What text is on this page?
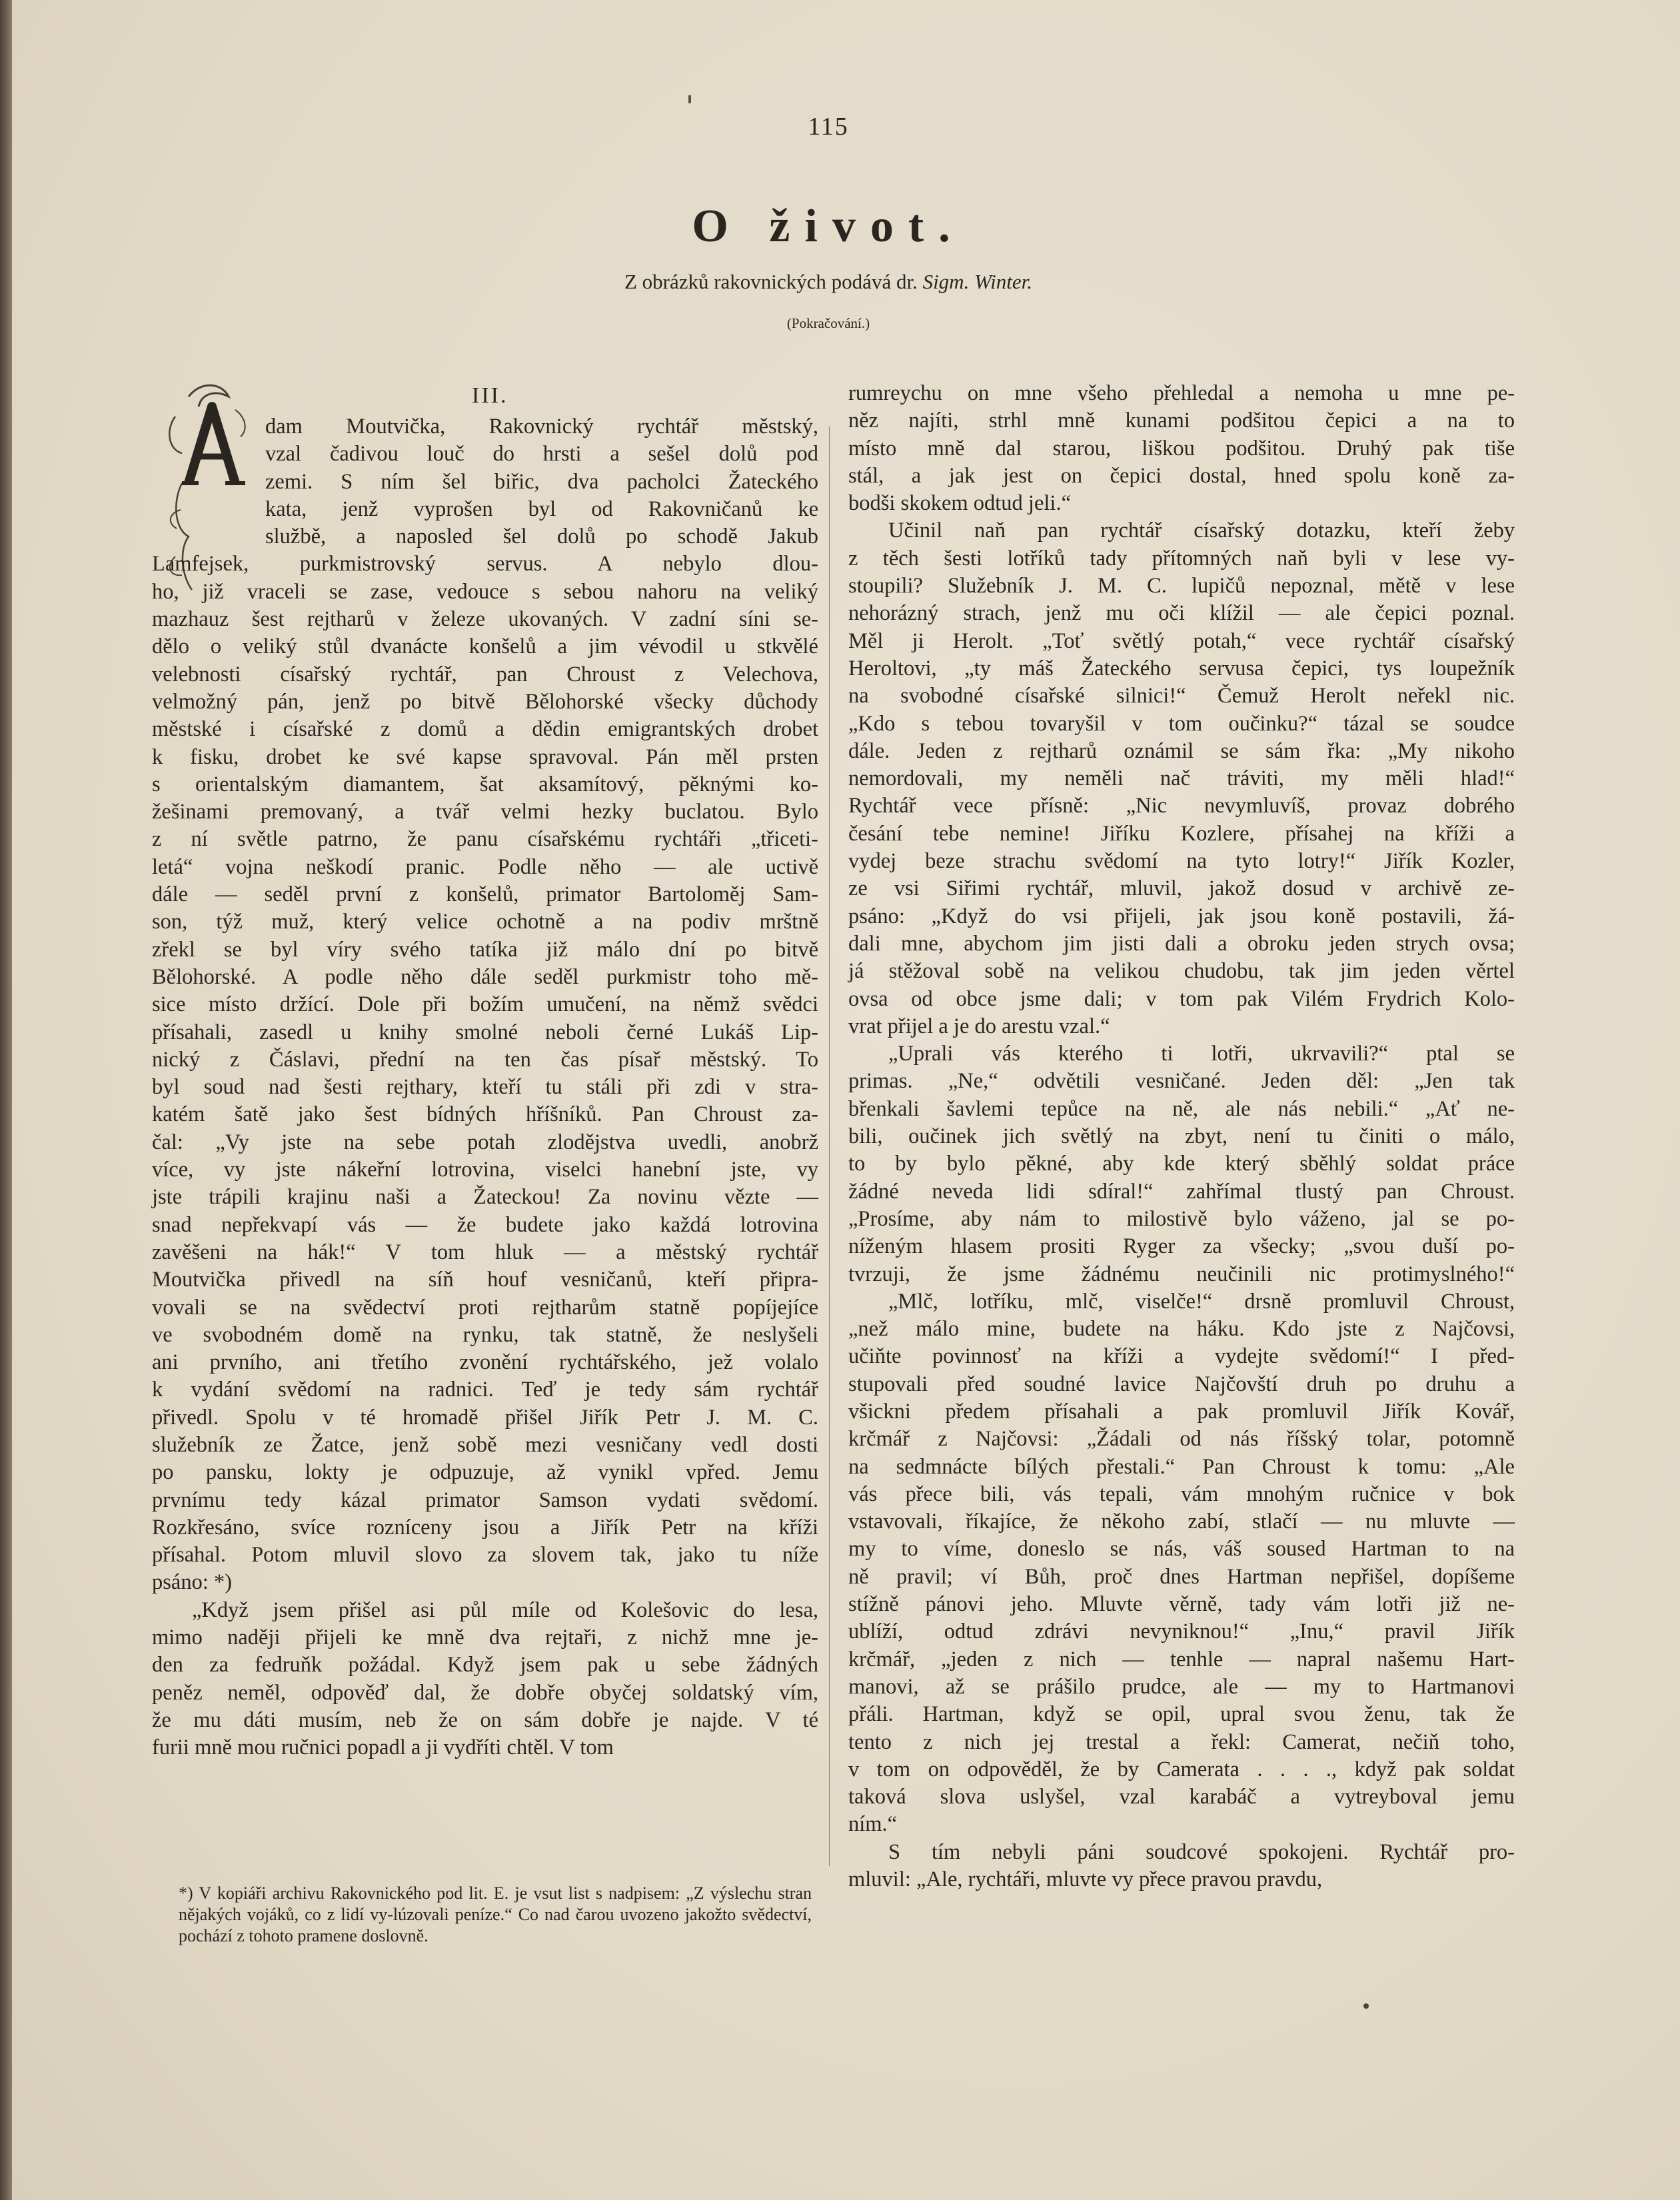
115
O život.
Z obrázků rakovnických podává dr. Sigm. Winter.
(Pokračování.)
III.

dam Moutvička, Rakovnický rychtář městský,

vzal čadivou louč do hrsti a sešel dolů pod

zemi. S ním šel biřic, dva pacholci Žateckého

kata, jenž vyprošen byl od Rakovničanů ke

službě, a naposled šel dolů po schodě Jakub

Lamfejsek, purkmistrovský servus. A nebylo dlou-

ho, již vraceli se zase, vedouce s sebou nahoru na veliký

mazhauz šest rejtharů v železe ukovaných. V zadní síni se-

dělo o veliký stůl dvanácte konšelů a jim vévodil u stkvělé

velebnosti císařský rychtář, pan Chroust z Velechova,

velmožný pán, jenž po bitvě Bělohorské všecky důchody

městské i císařské z domů a dědin emigrantských drobet

k fisku, drobet ke své kapse spravoval. Pán měl prsten

s orientalským diamantem, šat aksamítový, pěknými ko-

žešinami premovaný, a tvář velmi hezky buclatou. Bylo

z ní světle patrno, že panu císařskému rychtáři „třiceti-

letá“ vojna neškodí pranic. Podle něho — ale uctivě

dále — seděl první z konšelů, primator Bartoloměj Sam-

son, týž muž, který velice ochotně a na podiv mrštně

zřekl se byl víry svého tatíka již málo dní po bitvě

Bělohorské. A podle něho dále seděl purkmistr toho mě-

sice místo držící. Dole při božím umučení, na němž svědci

přísahali, zasedl u knihy smolné neboli černé Lukáš Lip-

nický z Čáslavi, přední na ten čas písař městský. To

byl soud nad šesti rejthary, kteří tu stáli při zdi v stra-

katém šatě jako šest bídných hříšníků. Pan Chroust za-

čal: „Vy jste na sebe potah zlodějstva uvedli, anobrž

více, vy jste nákeřní lotrovina, viselci hanební jste, vy

jste trápili krajinu naši a Žateckou! Za novinu vězte —

snad nepřekvapí vás — že budete jako každá lotrovina

zavěšeni na hák!“ V tom hluk — a městský rychtář

Moutvička přivedl na síň houf vesničanů, kteří připra-

vovali se na svědectví proti rejtharům statně popíjejíce

ve svobodném domě na rynku, tak statně, že neslyšeli

ani prvního, ani třetího zvonění rychtářského, jež volalo

k vydání svědomí na radnici. Teď je tedy sám rychtář

přivedl. Spolu v té hromadě přišel Jiřík Petr J. M. C.

služebník ze Žatce, jenž sobě mezi vesničany vedl dosti

po pansku, lokty je odpuzuje, až vynikl vpřed. Jemu

prvnímu tedy kázal primator Samson vydati svědomí.

Rozkřesáno, svíce rozníceny jsou a Jiřík Petr na kříži

přísahal. Potom mluvil slovo za slovem tak, jako tu níže

psáno: *)

„Když jsem přišel asi půl míle od Kolešovic do lesa,

mimo naději přijeli ke mně dva rejtaři, z nichž mne je-

den za fedruňk požádal. Když jsem pak u sebe žádných

peněz neměl, odpověď dal, že dobře obyčej soldatský vím,

že mu dáti musím, neb že on sám dobře je najde. V té

furii mně mou ručnici popadl a ji vydříti chtěl. V tom

rumreychu on mne všeho přehledal a nemoha u mne pe-

něz najíti, strhl mně kunami podšitou čepici a na to

místo mně dal starou, liškou podšitou. Druhý pak tiše

stál, a jak jest on čepici dostal, hned spolu koně za-

bodši skokem odtud jeli.“

Učinil naň pan rychtář císařský dotazku, kteří žeby

z těch šesti lotříků tady přítomných naň byli v lese vy-

stoupili? Služebník J. M. C. lupičů nepoznal, mětě v lese

nehorázný strach, jenž mu oči klížil — ale čepici poznal.

Měl ji Herolt. „Toť světlý potah,“ vece rychtář císařský

Heroltovi, „ty máš Žateckého servusa čepici, tys loupežník

na svobodné císařské silnici!“ Čemuž Herolt neřekl nic.

„Kdo s tebou tovaryšil v tom oučinku?“ tázal se soudce

dále. Jeden z rejtharů oznámil se sám řka: „My nikoho

nemordovali, my neměli nač tráviti, my měli hlad!“

Rychtář vece přísně: „Nic nevymluvíš, provaz dobrého

česání tebe nemine! Jiříku Kozlere, přísahej na kříži a

vydej beze strachu svědomí na tyto lotry!“ Jiřík Kozler,

ze vsi Siřimi rychtář, mluvil, jakož dosud v archivě ze-

psáno: „Když do vsi přijeli, jak jsou koně postavili, žá-

dali mne, abychom jim jisti dali a obroku jeden strych ovsa;

já stěžoval sobě na velikou chudobu, tak jim jeden věrtel

ovsa od obce jsme dali; v tom pak Vilém Frydrich Kolo-

vrat přijel a je do arestu vzal.“

„Uprali vás kterého ti lotři, ukrvavili?“ ptal se

primas. „Ne,“ odvětili vesničané. Jeden děl: „Jen tak

břenkali šavlemi tepůce na ně, ale nás nebili.“ „Ať ne-

bili, oučinek jich světlý na zbyt, není tu činiti o málo,

to by bylo pěkné, aby kde který sběhlý soldat práce

žádné neveda lidi sdíral!“ zahřímal tlustý pan Chroust.

„Prosíme, aby nám to milostivě bylo váženo, jal se po-

níženým hlasem prositi Ryger za všecky; „svou duší po-

tvrzuji, že jsme žádnému neučinili nic protimyslného!“

„Mlč, lotříku, mlč, viselče!“ drsně promluvil Chroust,

„než málo mine, budete na háku. Kdo jste z Najčovsi,

učiňte povinnosť na kříži a vydejte svědomí!“ I před-

stupovali před soudné lavice Najčovští druh po druhu a

všickni předem přísahali a pak promluvil Jiřík Kovář,

krčmář z Najčovsi: „Žádali od nás říšský tolar, potomně

na sedmnácte bílých přestali.“ Pan Chroust k tomu: „Ale

vás přece bili, vás tepali, vám mnohým ručnice v bok

vstavovali, říkajíce, že někoho zabí, stlačí — nu mluvte —

my to víme, doneslo se nás, váš soused Hartman to na

ně pravil; ví Bůh, proč dnes Hartman nepřišel, dopíšeme

stížně pánovi jeho. Mluvte věrně, tady vám lotři již ne-

ublíží, odtud zdrávi nevyniknou!“ „Inu,“ pravil Jiřík

krčmář, „jeden z nich — tenhle — napral našemu Hart-

manovi, až se prášilo prudce, ale — my to Hartmanovi

přáli. Hartman, když se opil, upral svou ženu, tak že

tento z nich jej trestal a řekl: Camerat, nečiň toho,

v tom on odpověděl, že by Camerata . . . ., když pak soldat

taková slova uslyšel, vzal karabáč a vytreyboval jemu

ním.“

S tím nebyli páni soudcové spokojeni. Rychtář pro-

mluvil: „Ale, rychtáři, mluvte vy přece pravou pravdu,

*) V kopiáři archivu Rakovnického pod lit. E. je vsut list s nadpisem: „Z výslechu stran nějakých vojáků, co z lidí vy-lúzovali peníze.“ Co nad čarou uvozeno jakožto svědectví, pochází z tohoto pramene doslovně.
